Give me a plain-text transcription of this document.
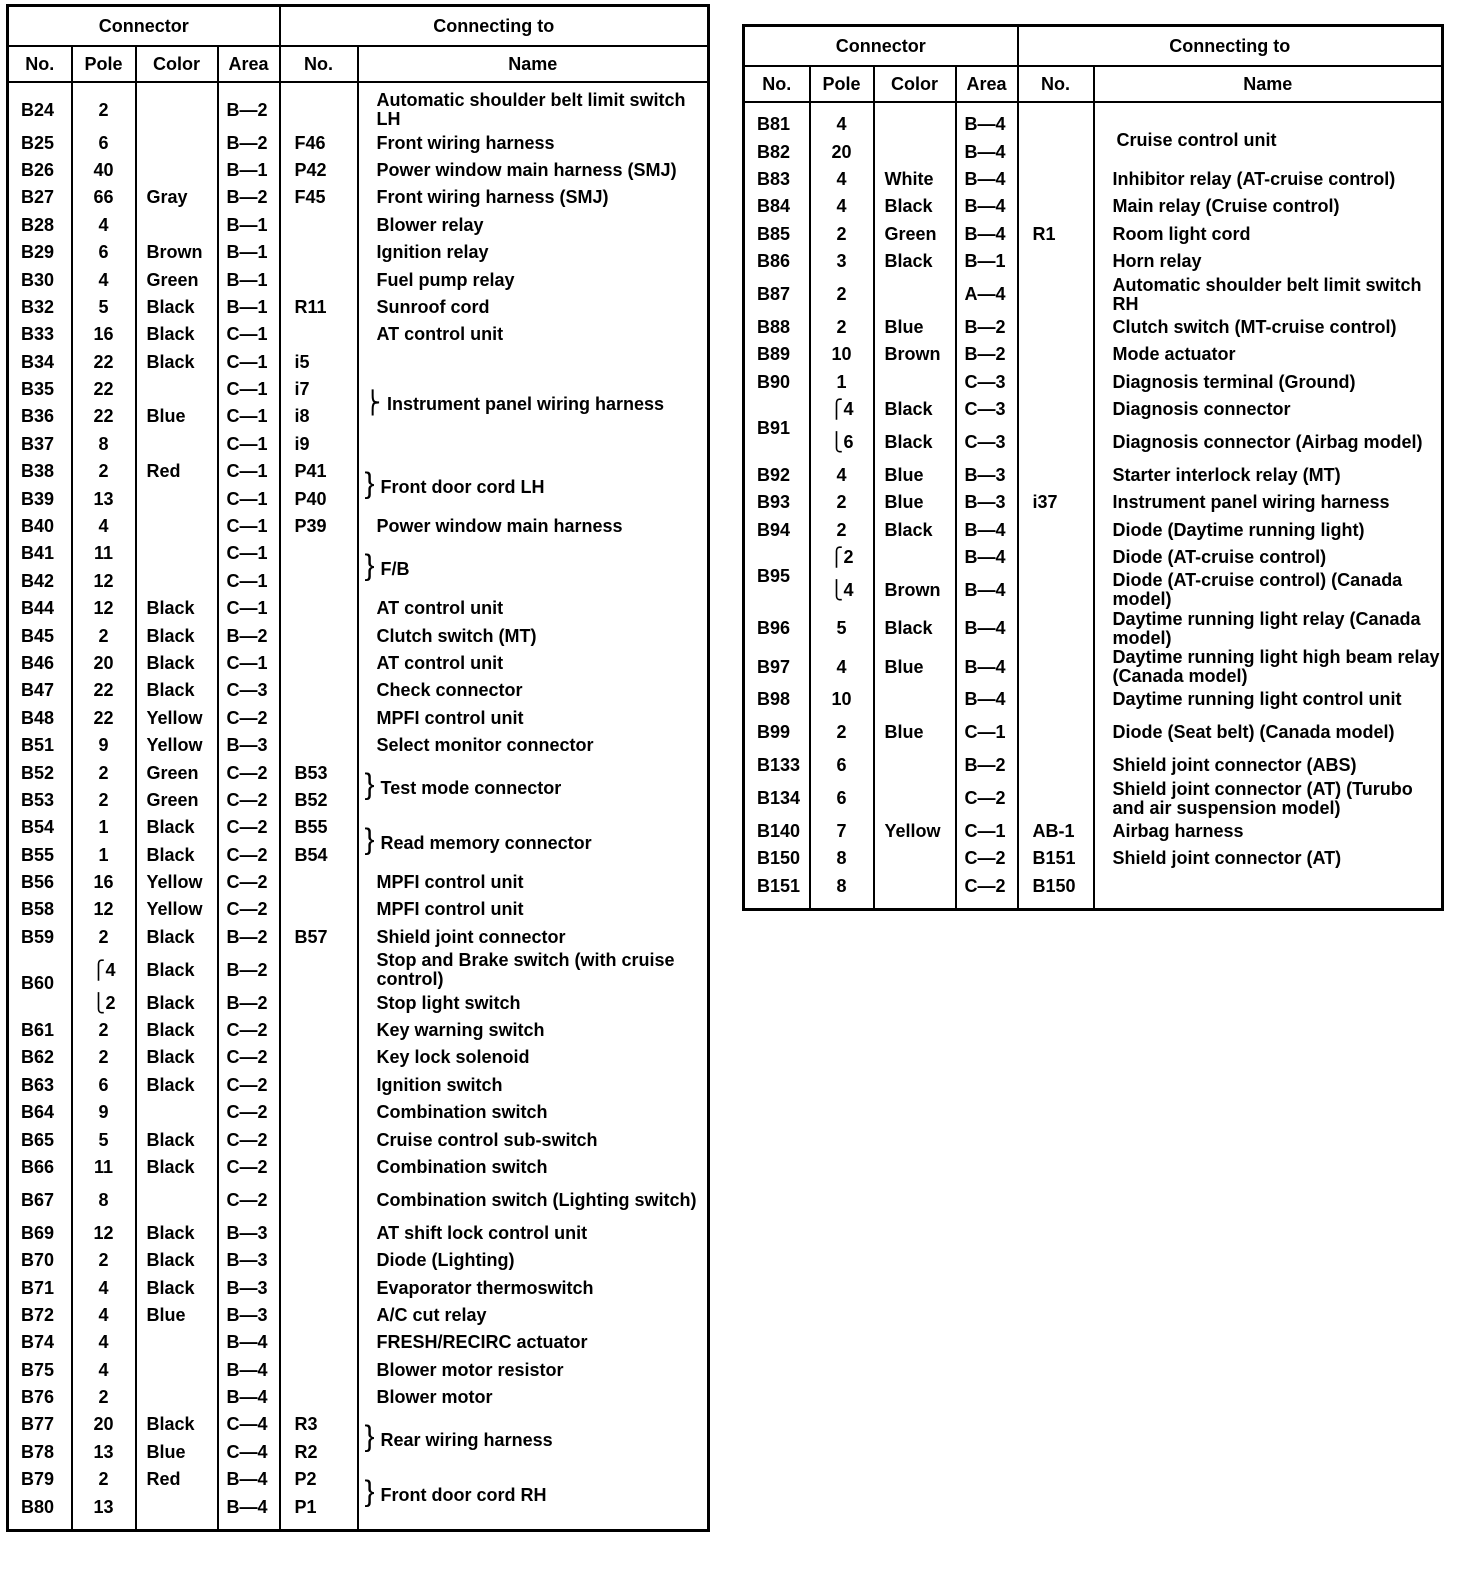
Connector				Connecting to	
No.	Pole	Color	Area	No.	Name

B24	2		B—2		Automatic shoulder belt limit switch LH
B25	6		B—2	F46	Front wiring harness
B26	40		B—1	P42	Power window main harness (SMJ)
B27	66	Gray	B—2	F45	Front wiring harness (SMJ)
B28	4		B—1		Blower relay
B29	6	Brown	B—1		Ignition relay
B30	4	Green	B—1		Fuel pump relay
B32	5	Black	B—1	R11	Sunroof cord
B33	16	Black	C—1		AT control unit
B34	22	Black	C—1	i5	⎬ Instrument panel wiring harness
B35	22		C—1	i7	
B36	22	Blue	C—1	i8	
B37	8		C—1	i9	
B38	2	Red	C—1	P41	} Front door cord LH
B39	13		C—1	P40	
B40	4		C—1	P39	Power window main harness
B41	11		C—1		} F/B
B42	12		C—1		
B44	12	Black	C—1		AT control unit
B45	2	Black	B—2		Clutch switch (MT)
B46	20	Black	C—1		AT control unit
B47	22	Black	C—3		Check connector
B48	22	Yellow	C—2		MPFI control unit
B51	9	Yellow	B—3		Select monitor connector
B52	2	Green	C—2	B53	} Test mode connector
B53	2	Green	C—2	B52	
B54	1	Black	C—2	B55	} Read memory connector
B55	1	Black	C—2	B54	
B56	16	Yellow	C—2		MPFI control unit
B58	12	Yellow	C—2		MPFI control unit
B59	2	Black	B—2	B57	Shield joint connector
B60	⎧4	Black	B—2		Stop and Brake switch (with cruise control)
	⎩2	Black	B—2		Stop light switch
B61	2	Black	C—2		Key warning switch
B62	2	Black	C—2		Key lock solenoid
B63	6	Black	C—2		Ignition switch
B64	9		C—2		Combination switch
B65	5	Black	C—2		Cruise control sub-switch
B66	11	Black	C—2		Combination switch
B67	8		C—2		Combination switch (Lighting switch)
B69	12	Black	B—3		AT shift lock control unit
B70	2	Black	B—3		Diode (Lighting)
B71	4	Black	B—3		Evaporator thermoswitch
B72	4	Blue	B—3		A/C cut relay
B74	4		B—4		FRESH/RECIRC actuator
B75	4		B—4		Blower motor resistor
B76	2		B—4		Blower motor
B77	20	Black	C—4	R3	} Rear wiring harness
B78	13	Blue	C—4	R2	
B79	2	Red	B—4	P2	} Front door cord RH
B80	13		B—4	P1	

Connector				Connecting to	
No.	Pole	Color	Area	No.	Name

B81	4		B—4		Cruise control unit
B82	20		B—4		
B83	4	White	B—4		Inhibitor relay (AT-cruise control)
B84	4	Black	B—4		Main relay (Cruise control)
B85	2	Green	B—4	R1	Room light cord
B86	3	Black	B—1		Horn relay
B87	2		A—4		Automatic shoulder belt limit switch RH
B88	2	Blue	B—2		Clutch switch (MT-cruise control)
B89	10	Brown	B—2		Mode actuator
B90	1		C—3		Diagnosis terminal (Ground)
B91	⎧4	Black	C—3		Diagnosis connector
	⎩6	Black	C—3		Diagnosis connector (Airbag model)
B92	4	Blue	B—3		Starter interlock relay (MT)
B93	2	Blue	B—3	i37	Instrument panel wiring harness
B94	2	Black	B—4		Diode (Daytime running light)
B95	⎧2		B—4		Diode (AT-cruise control)
	⎩4	Brown	B—4		Diode (AT-cruise control) (Canada model)
B96	5	Black	B—4		Daytime running light relay (Canada model)
B97	4	Blue	B—4		Daytime running light high beam relay (Canada model)
B98	10		B—4		Daytime running light control unit
B99	2	Blue	C—1		Diode (Seat belt) (Canada model)
B133	6		B—2		Shield joint connector (ABS)
B134	6		C—2		Shield joint connector (AT) (Turubo and air suspension model)
B140	7	Yellow	C—1	AB-1	Airbag harness
B150	8		C—2	B151	Shield joint connector (AT)
B151	8		C—2	B150	
